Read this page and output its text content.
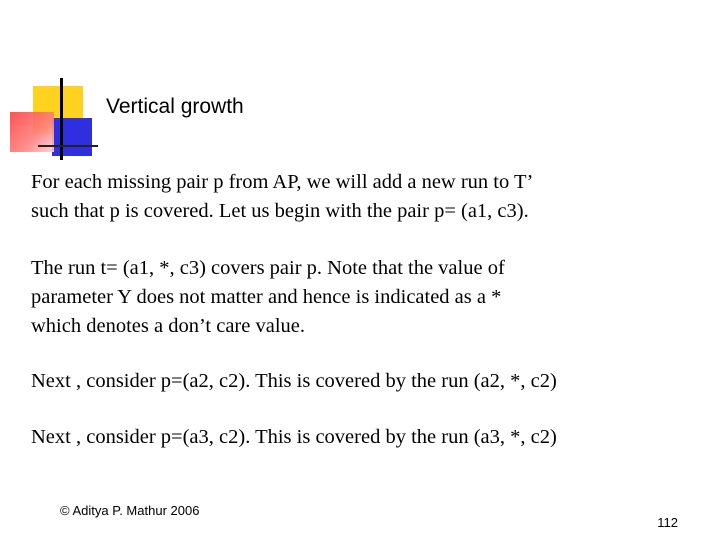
Vertical growth
For each missing pair p from AP, we will add a new run to T’
such that p is covered. Let us begin with the pair p= (a1, c3).
The run t= (a1, *, c3) covers pair p. Note that the value of
parameter Y does not matter and hence is indicated as a *
which denotes a don’t care value.
Next , consider p=(a2, c2). This is covered by the run (a2, *, c2)
Next , consider p=(a3, c2). This is covered by the run (a3, *, c2)
© Aditya P. Mathur 2006
112
